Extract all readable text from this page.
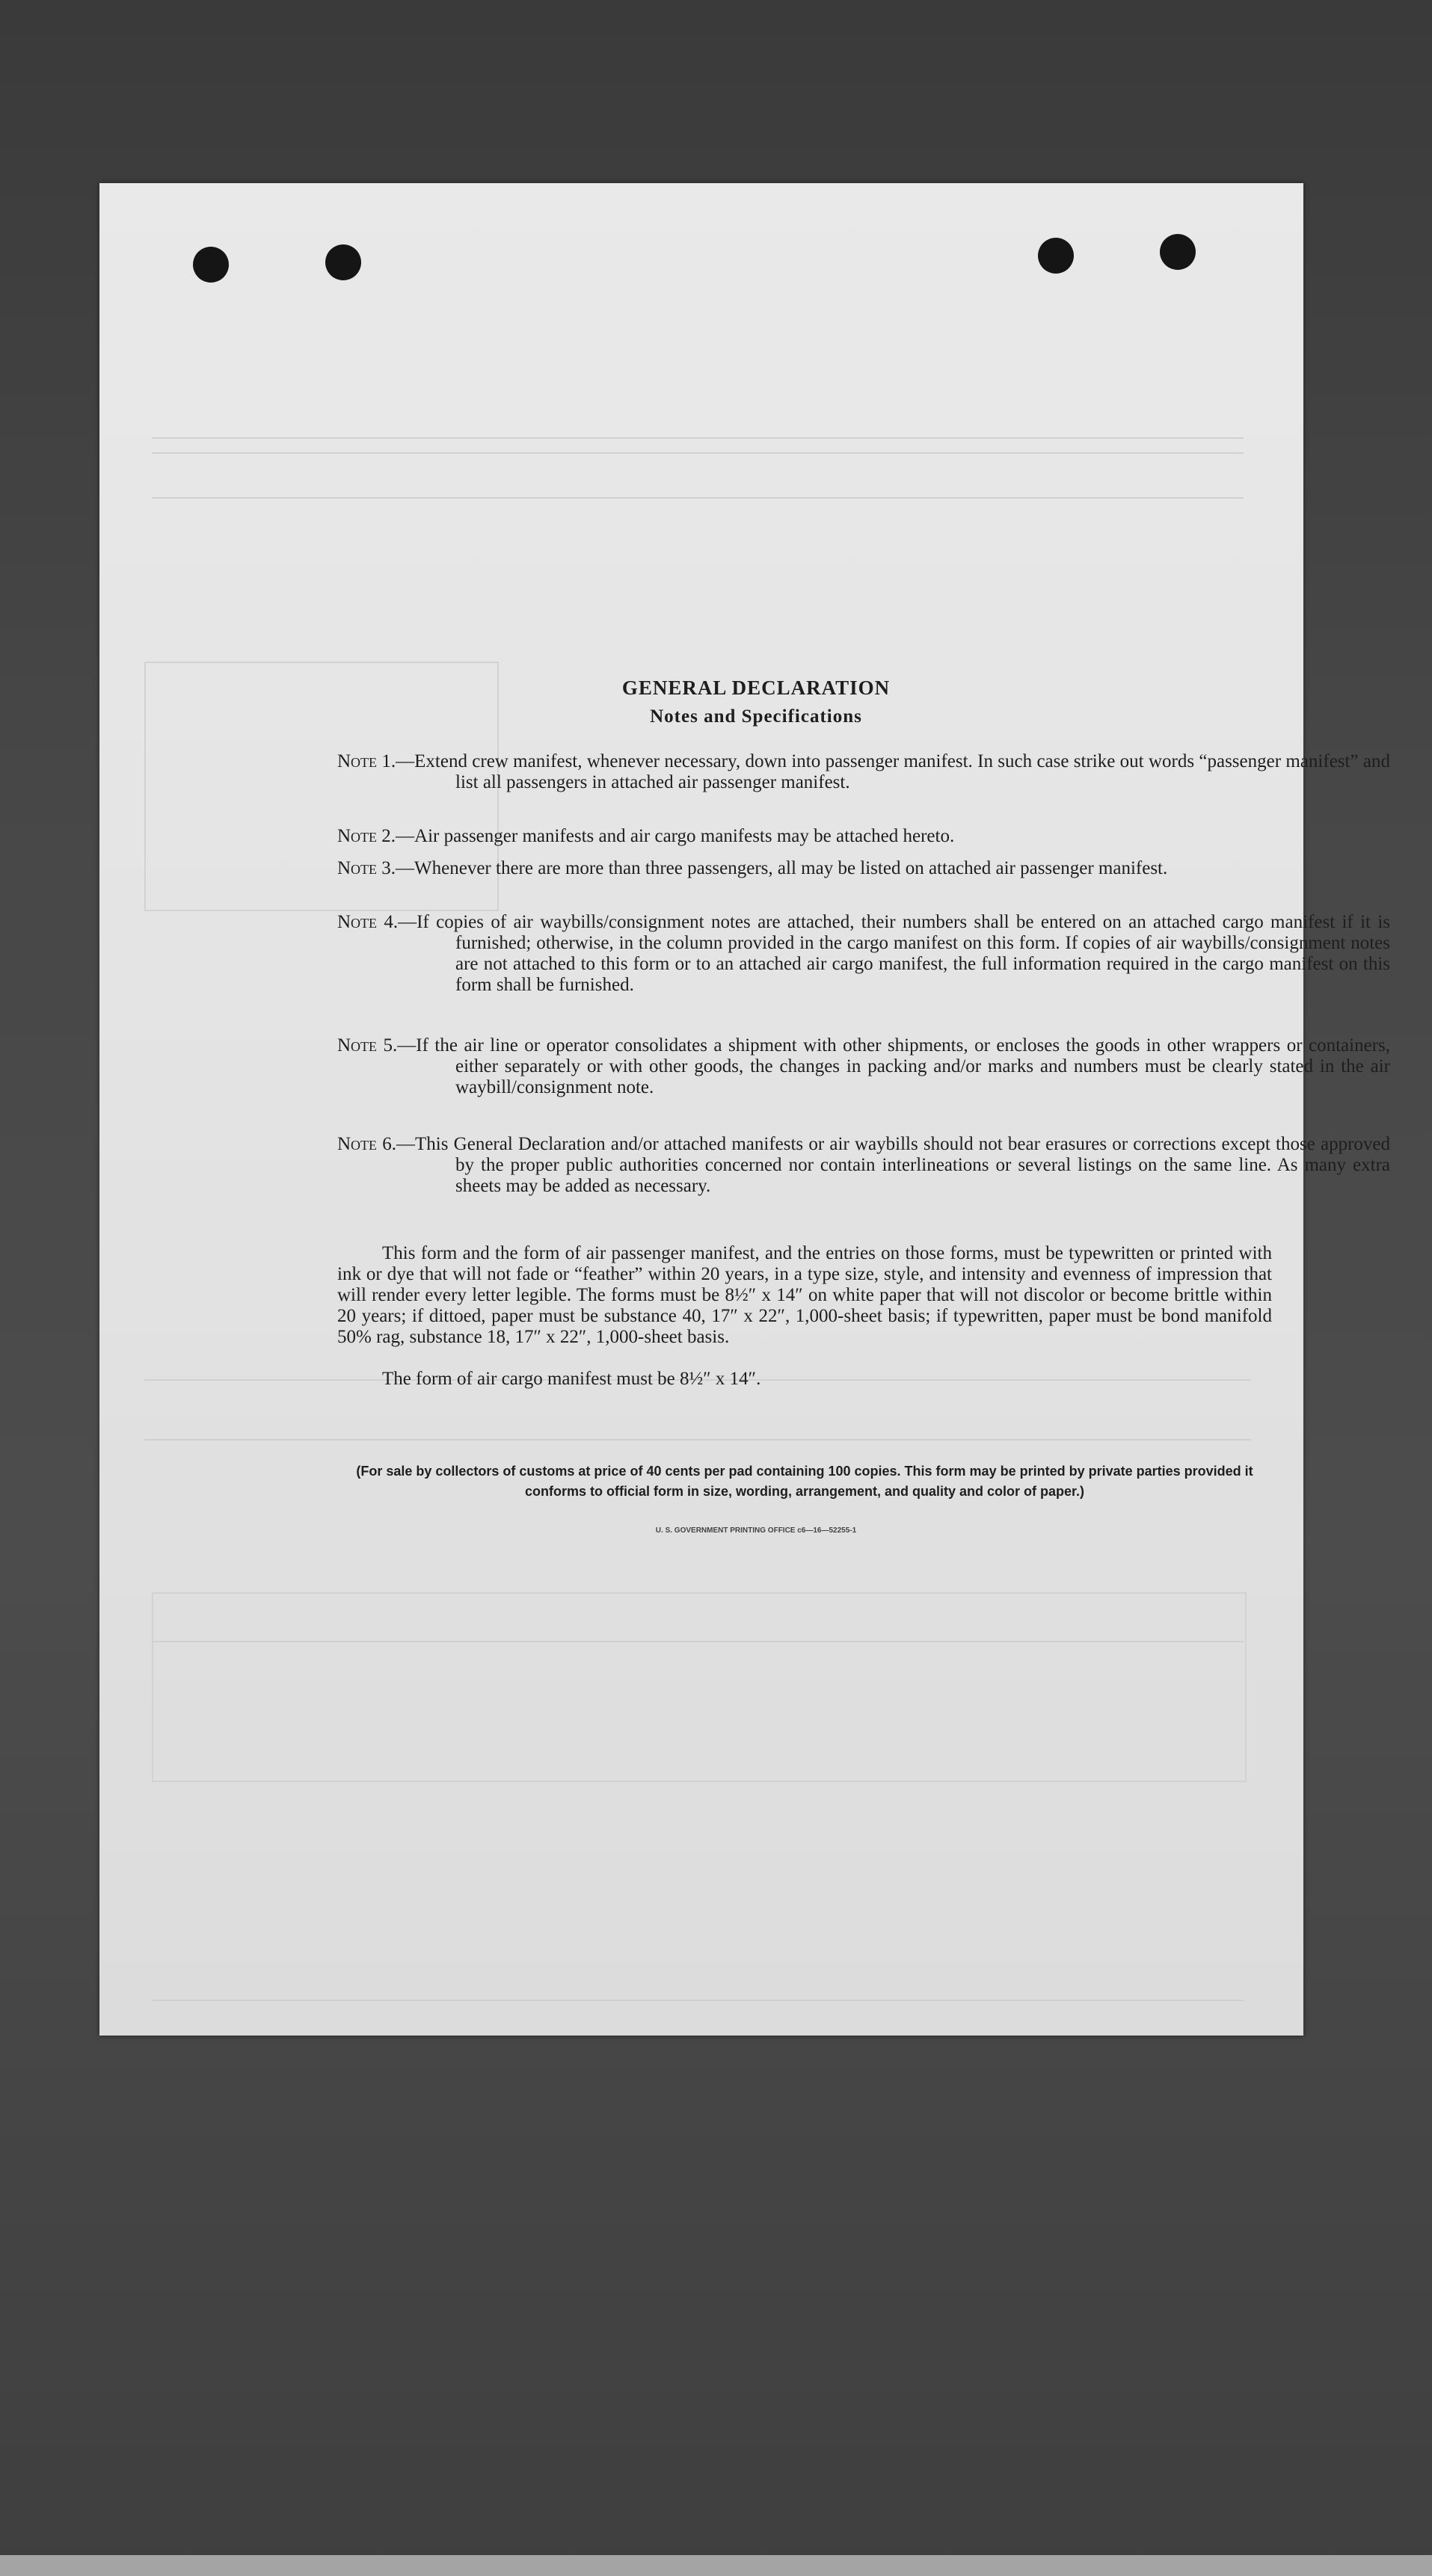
GENERAL DECLARATION
Notes and Specifications
Note 1.—Extend crew manifest, whenever necessary, down into passenger manifest. In such case strike out words “passenger manifest” and list all passengers in attached air passenger manifest.
Note 2.—Air passenger manifests and air cargo manifests may be attached hereto.
Note 3.—Whenever there are more than three passengers, all may be listed on attached air passenger manifest.
Note 4.—If copies of air waybills/consignment notes are attached, their numbers shall be entered on an attached cargo manifest if it is furnished; otherwise, in the column provided in the cargo manifest on this form. If copies of air waybills/consignment notes are not attached to this form or to an attached air cargo manifest, the full information required in the cargo manifest on this form shall be furnished.
Note 5.—If the air line or operator consolidates a shipment with other shipments, or encloses the goods in other wrappers or containers, either separately or with other goods, the changes in packing and/or marks and numbers must be clearly stated in the air waybill/consignment note.
Note 6.—This General Declaration and/or attached manifests or air waybills should not bear erasures or corrections except those approved by the proper public authorities concerned nor contain interlineations or several listings on the same line. As many extra sheets may be added as necessary.
This form and the form of air passenger manifest, and the entries on those forms, must be typewritten or printed with ink or dye that will not fade or “feather” within 20 years, in a type size, style, and intensity and evenness of impression that will render every letter legible. The forms must be 8½″ x 14″ on white paper that will not discolor or become brittle within 20 years; if dittoed, paper must be substance 40, 17″ x 22″, 1,000-sheet basis; if typewritten, paper must be bond manifold 50% rag, substance 18, 17″ x 22″, 1,000-sheet basis.
The form of air cargo manifest must be 8½″ x 14″.
(For sale by collectors of customs at price of 40 cents per pad containing 100 copies. This form may be printed by private parties provided it conforms to official form in size, wording, arrangement, and quality and color of paper.)
U. S. GOVERNMENT PRINTING OFFICE c6—16—52255-1
